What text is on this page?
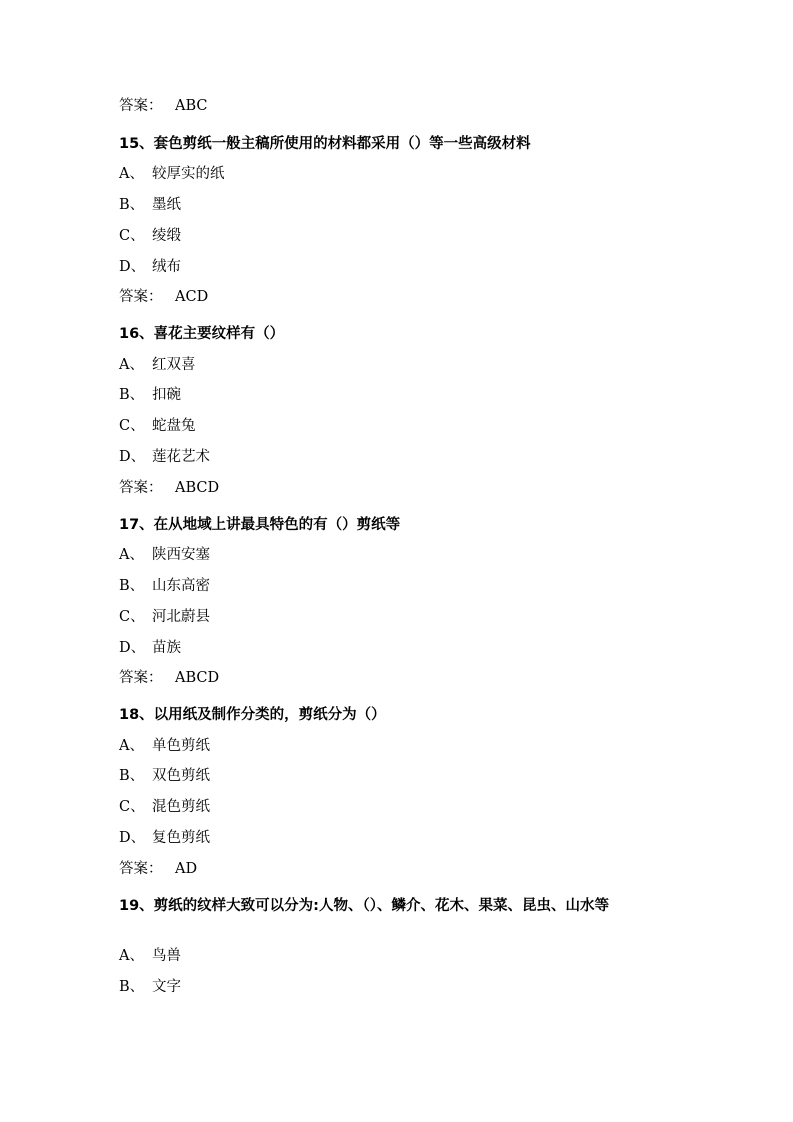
答案： ABC
15、套色剪纸一般主稿所使用的材料都采用（）等一些高级材料
A、 较厚实的纸
B、 墨纸
C、 绫缎
D、 绒布
答案： ACD
16、喜花主要纹样有（）
A、 红双喜
B、 扣碗
C、 蛇盘兔
D、 莲花艺术
答案： ABCD
17、在从地域上讲最具特色的有（）剪纸等
A、 陕西安塞
B、 山东高密
C、 河北蔚县
D、 苗族
答案： ABCD
18、以用纸及制作分类的，剪纸分为（）
A、 单色剪纸
B、 双色剪纸
C、 混色剪纸
D、 复色剪纸
答案： AD
19、剪纸的纹样大致可以分为:人物、（）、鳞介、花木、果菜、昆虫、山水等
A、 鸟兽
B、 文字
